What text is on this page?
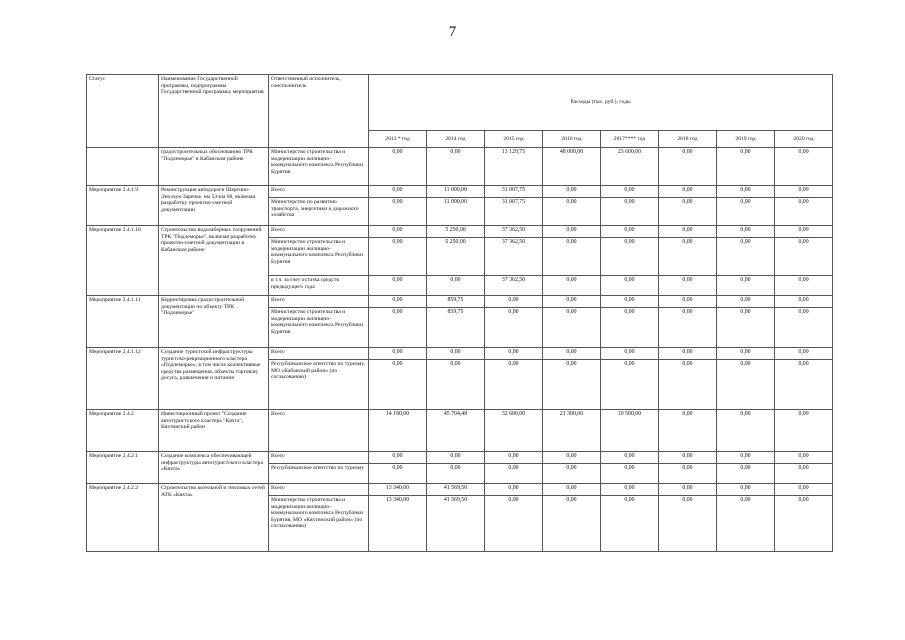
7
Статус	Наименование Государственной программы, подпрограммы Государственной программы, мероприятия	Ответственный исполнитель, соисполнитель	Расходы (тыс. руб.), годы							
			2013 * год	2014 год	2015 год	2016 год	2017**** год	2018 год	2019 год	2020 год
	градостроительных обоснованию ТРК "Подлеморье" в Кабанском районе	Министерство строительства и модернизации жилищно-коммунального комплекса Республики Бурятия	0,00	0,00	13 129,75	48 000,00	23 600,00	0,00	0,00	0,00
Мероприятие 2.4.1.9	Реконструкция автодороги Шергино-Энхэлук-Заречье, км 53-км 68, включая разработку проектно-сметной документации	Всего	0,00	11 000,00	31 007,75	0,00	0,00	0,00	0,00	0,00
		Министерство по развитию транспорта, энергетики и дорожного хозяйства	0,00	11 000,00	31 007,75	0,00	0,00	0,00	0,00	0,00
Мероприятие 2.4.1.10	Строительство водозаборных сооружений ТРК "Подлеморье", включая разработку проектно-сметной документации в Кабанском районе	Всего	0,00	5 250,00	37 362,50	0,00	0,00	0,00	0,00	0,00
		Министерство строительства и модернизации жилищно-коммунального комплекса Республики Бурятия	0,00	5 250,00	37 362,50	0,00	0,00	0,00	0,00	0,00
		в т.ч. за счет остатка средств предыдущего года	0,00	0,00	37 362,50	0,00	0,00	0,00	0,00	0,00
Мероприятие 2.4.1.11	Корректировка градостроительной документации по объекту ТРК "Подлеморье"	Всего	0,00	859,75	0,00	0,00	0,00	0,00	0,00	0,00
		Министерство строительства и модернизации жилищно-коммунального комплекса Республики Бурятия	0,00	859,75	0,00	0,00	0,00	0,00	0,00	0,00
Мероприятие 2.4.1.12	Создание туристской инфраструктуры туристско-рекреационного кластера «Подлеморье», в том числе коллективные средства размещения, объекты торговли, досуга, развлечения и питания	Всего	0,00	0,00	0,00	0,00	0,00	0,00	0,00	0,00
		Республиканское агентство по туризму, МО «Кабанский район» (по согласованию)	0,00	0,00	0,00	0,00	0,00	0,00	0,00	0,00
Мероприятие 2.4.2	Инвестиционный проект "Создание автотуристского кластера "Кяхта", Кяхтинский район	Всего	14 190,00	45 704,48	32 600,00	21 300,00	10 500,00	0,00	0,00	0,00
Мероприятие 2.4.2.1	Создание комплекса обеспечивающей инфраструктуры автотуристского кластера «Кяхта»	Всего	0,00	0,00	0,00	0,00	0,00	0,00	0,00	0,00
		Республиканское агентство по туризму	0,00	0,00	0,00	0,00	0,00	0,00	0,00	0,00
Мероприятие 2.4.2.2	Строительство котельной и тепловых сетей АТК «Кяхта»	Всего	13 340,00	41 569,50	0,00	0,00	0,00	0,00	0,00	0,00
		Министерство строительства и модернизации жилищно-коммунального комплекса Республики Бурятия, МО «Кяхтинский район» (по согласованию)	13 340,00	41 569,50	0,00	0,00	0,00	0,00	0,00	0,00
